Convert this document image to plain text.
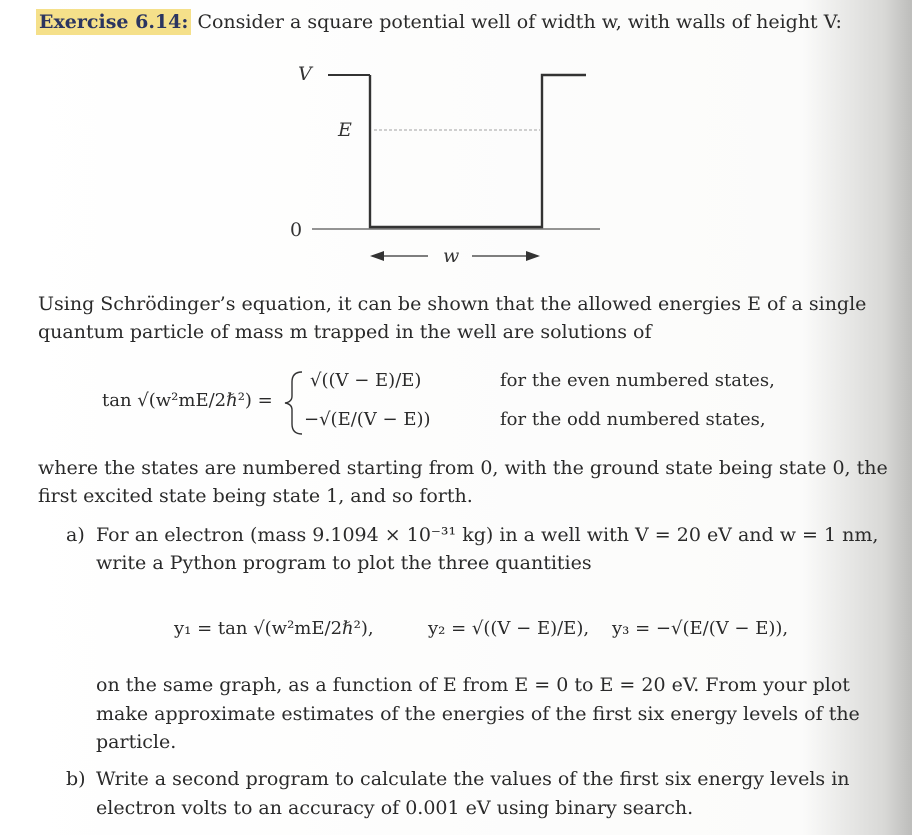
Exercise 6.14: Consider a square potential well of width w, with walls of height V:
V
E
0
w
Using Schrödinger’s equation, it can be shown that the allowed energies E of a single
quantum particle of mass m trapped in the well are solutions of
tan √(w²mE/2ℏ²) =
√((V − E)/E)
−√(E/(V − E))
for the even numbered states,
for the odd numbered states,
where the states are numbered starting from 0, with the ground state being state 0, the
first excited state being state 1, and so forth.
a) For an electron (mass 9.1094 × 10⁻³¹ kg) in a well with V = 20 eV and w = 1 nm,
write a Python program to plot the three quantities
y₁ = tan √(w²mE/2ℏ²),	y₂ = √((V − E)/E), y₃ = −√(E/(V − E)),
on the same graph, as a function of E from E = 0 to E = 20 eV. From your plot
make approximate estimates of the energies of the first six energy levels of the
particle.
b) Write a second program to calculate the values of the first six energy levels in
electron volts to an accuracy of 0.001 eV using binary search.
